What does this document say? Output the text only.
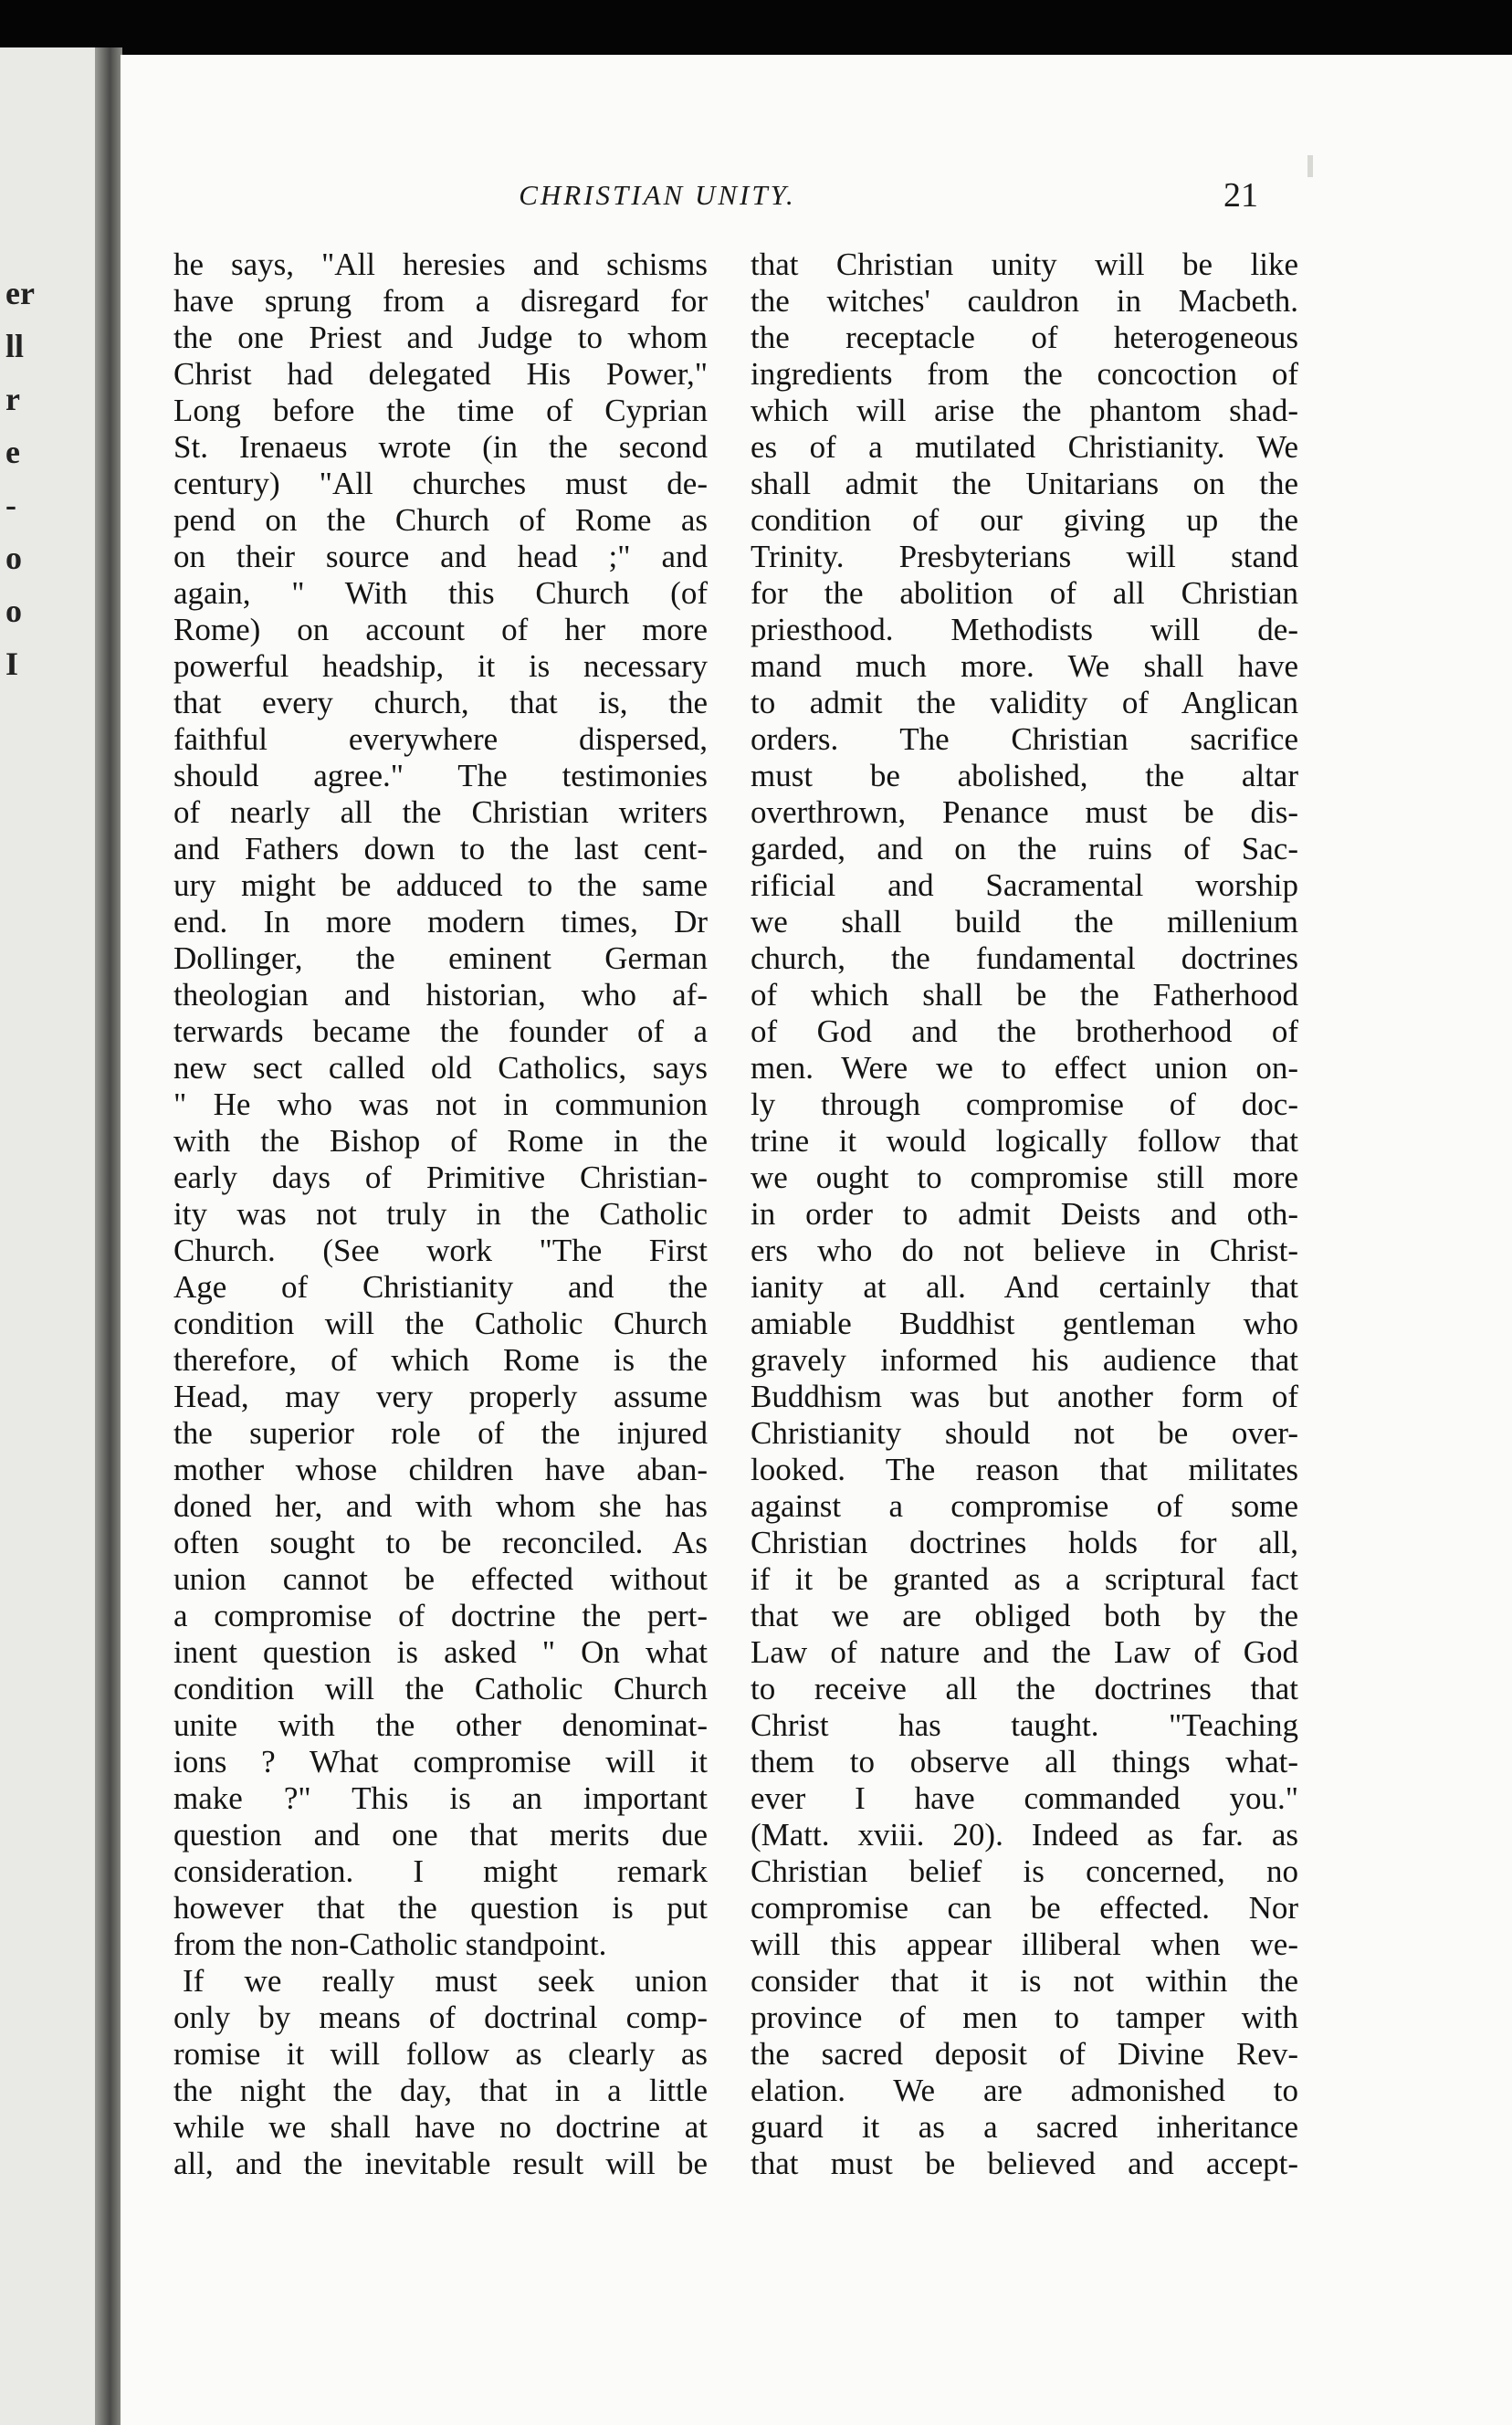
er
ll
r
e
-
o
o
I
CHRISTIAN UNITY.	21
he says, "All heresies and schisms
have sprung from a disregard for
the one Priest and Judge to whom
Christ had delegated His Power,"
Long before the time of Cyprian
St. Irenaeus wrote (in the second
century) "All churches must de-
pend on the Church of Rome as
on their source and head ;" and
again, " With this Church (of
Rome) on account of her more
powerful headship, it is necessary
that every church, that is, the
faithful everywhere dispersed,
should agree." The testimonies
of nearly all the Christian writers
and Fathers down to the last cent-
ury might be adduced to the same
end. In more modern times, Dr
Dollinger, the eminent German
theologian and historian, who af-
terwards became the founder of a
new sect called old Catholics, says
" He who was not in communion
with the Bishop of Rome in the
early days of Primitive Christian-
ity was not truly in the Catholic
Church. (See work "The First
Age of Christianity and the
condition will the Catholic Church
therefore, of which Rome is the
Head, may very properly assume
the superior role of the injured
mother whose children have aban-
doned her, and with whom she has
often sought to be reconciled. As
union cannot be effected without
a compromise of doctrine the pert-
inent question is asked " On what
condition will the Catholic Church
unite with the other denominat-
ions ? What compromise will it
make ?" This is an important
question and one that merits due
consideration. I might remark
however that the question is put
from the non-Catholic standpoint.
If we really must seek union
only by means of doctrinal comp-
romise it will follow as clearly as
the night the day, that in a little
while we shall have no doctrine at
all, and the inevitable result will be
that Christian unity will be like
the witches' cauldron in Macbeth.
the receptacle of heterogeneous
ingredients from the concoction of
which will arise the phantom shad-
es of a mutilated Christianity. We
shall admit the Unitarians on the
condition of our giving up the
Trinity. Presbyterians will stand
for the abolition of all Christian
priesthood. Methodists will de-
mand much more. We shall have
to admit the validity of Anglican
orders. The Christian sacrifice
must be abolished, the altar
overthrown, Penance must be dis-
garded, and on the ruins of Sac-
rificial and Sacramental worship
we shall build the millenium
church, the fundamental doctrines
of which shall be the Fatherhood
of God and the brotherhood of
men. Were we to effect union on-
ly through compromise of doc-
trine it would logically follow that
we ought to compromise still more
in order to admit Deists and oth-
ers who do not believe in Christ-
ianity at all. And certainly that
amiable Buddhist gentleman who
gravely informed his audience that
Buddhism was but another form of
Christianity should not be over-
looked. The reason that militates
against a compromise of some
Christian doctrines holds for all,
if it be granted as a scriptural fact
that we are obliged both by the
Law of nature and the Law of God
to receive all the doctrines that
Christ has taught. "Teaching
them to observe all things what-
ever I have commanded you."
(Matt. xviii. 20). Indeed as far. as
Christian belief is concerned, no
compromise can be effected. Nor
will this appear illiberal when we-
consider that it is not within the
province of men to tamper with
the sacred deposit of Divine Rev-
elation. We are admonished to
guard it as a sacred inheritance
that must be believed and accept-
